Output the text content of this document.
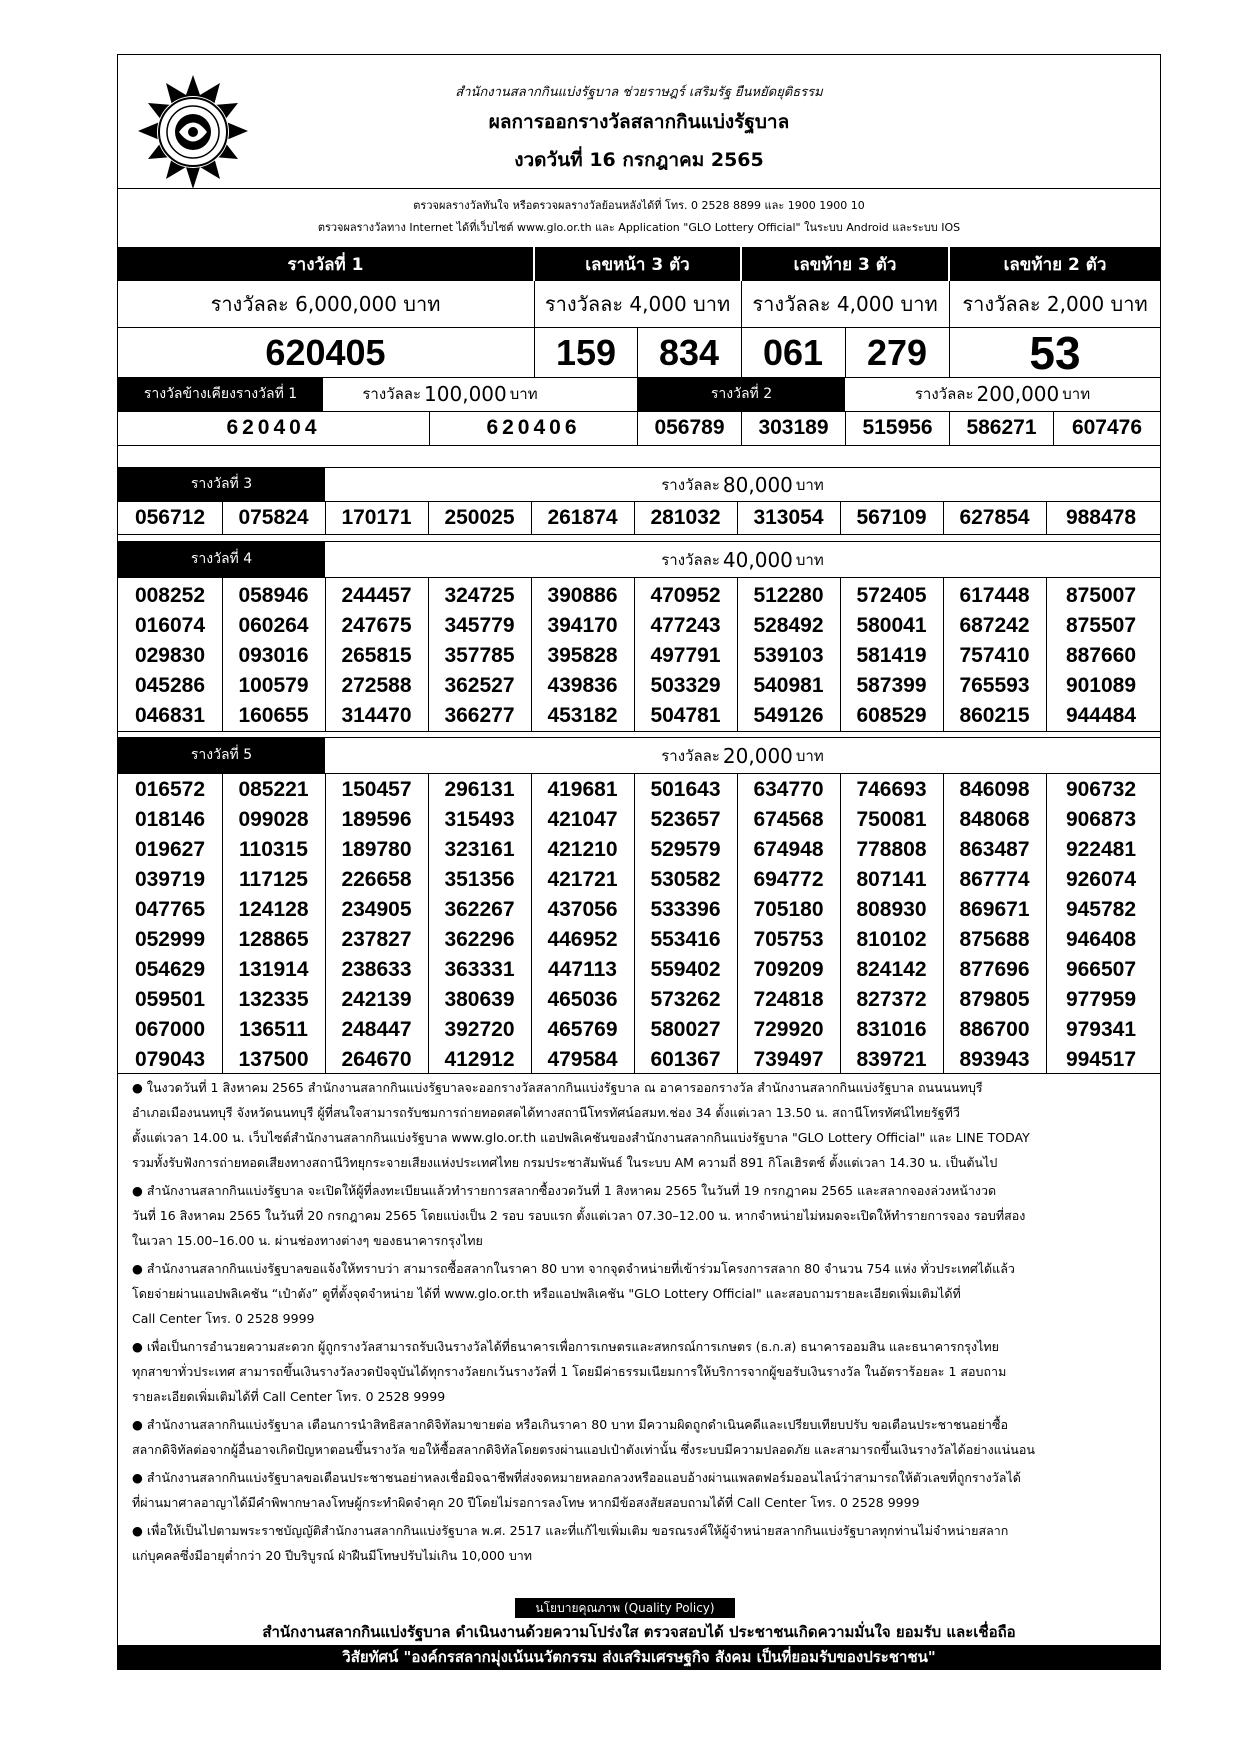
สำนักงานสลากกินแบ่งรัฐบาล ช่วยราษฎร์ เสริมรัฐ ยืนหยัดยุติธรรม
ผลการออกรางวัลสลากกินแบ่งรัฐบาล
งวดวันที่ 16 กรกฎาคม 2565
ตรวจผลรางวัลทันใจ หรือตรวจผลรางวัลย้อนหลังได้ที่ โทร. 0 2528 8899 และ 1900 1900 10
ตรวจผลรางวัลทาง Internet ได้ที่เว็บไซต์ www.glo.or.th และ Application "GLO Lottery Official" ในระบบ Android และระบบ IOS
รางวัลที่ 1	เลขหน้า 3 ตัว	เลขท้าย 3 ตัว	เลขท้าย 2 ตัว
รางวัลละ 6,000,000 บาท	รางวัลละ 4,000 บาท	รางวัลละ 4,000 บาท	รางวัลละ 2,000 บาท
620405	159	834	061	279	53
รางวัลข้างเคียงรางวัลที่ 1	รางวัลละ 100,000 บาท	รางวัลที่ 2	รางวัลละ 200,000 บาท
620404	620406	056789	303189	515956	586271	607476
รางวัลที่ 3	รางวัลละ 80,000 บาท
056712	075824	170171	250025	261874	281032	313054	567109	627854	988478
รางวัลที่ 4	รางวัลละ 40,000 บาท
008252	058946	244457	324725	390886	470952	512280	572405	617448	875007
016074	060264	247675	345779	394170	477243	528492	580041	687242	875507
029830	093016	265815	357785	395828	497791	539103	581419	757410	887660
045286	100579	272588	362527	439836	503329	540981	587399	765593	901089
046831	160655	314470	366277	453182	504781	549126	608529	860215	944484
รางวัลที่ 5	รางวัลละ 20,000 บาท
016572	085221	150457	296131	419681	501643	634770	746693	846098	906732
018146	099028	189596	315493	421047	523657	674568	750081	848068	906873
019627	110315	189780	323161	421210	529579	674948	778808	863487	922481
039719	117125	226658	351356	421721	530582	694772	807141	867774	926074
047765	124128	234905	362267	437056	533396	705180	808930	869671	945782
052999	128865	237827	362296	446952	553416	705753	810102	875688	946408
054629	131914	238633	363331	447113	559402	709209	824142	877696	966507
059501	132335	242139	380639	465036	573262	724818	827372	879805	977959
067000	136511	248447	392720	465769	580027	729920	831016	886700	979341
079043	137500	264670	412912	479584	601367	739497	839721	893943	994517
● ในงวดวันที่ 1 สิงหาคม 2565 สำนักงานสลากกินแบ่งรัฐบาลจะออกรางวัลสลากกินแบ่งรัฐบาล ณ อาคารออกรางวัล สำนักงานสลากกินแบ่งรัฐบาล ถนนนนทบุรี
อำเภอเมืองนนทบุรี จังหวัดนนทบุรี ผู้ที่สนใจสามารถรับชมการถ่ายทอดสดได้ทางสถานีโทรทัศน์อสมท.ช่อง 34 ตั้งแต่เวลา 13.50 น. สถานีโทรทัศน์ไทยรัฐทีวี
ตั้งแต่เวลา 14.00 น. เว็บไซต์สำนักงานสลากกินแบ่งรัฐบาล www.glo.or.th แอปพลิเคชันของสำนักงานสลากกินแบ่งรัฐบาล "GLO Lottery Official" และ LINE TODAY
รวมทั้งรับฟังการถ่ายทอดเสียงทางสถานีวิทยุกระจายเสียงแห่งประเทศไทย กรมประชาสัมพันธ์ ในระบบ AM ความถี่ 891 กิโลเฮิรตซ์ ตั้งแต่เวลา 14.30 น. เป็นต้นไป
● สำนักงานสลากกินแบ่งรัฐบาล จะเปิดให้ผู้ที่ลงทะเบียนแล้วทำรายการสลากซื้องวดวันที่ 1 สิงหาคม 2565 ในวันที่ 19 กรกฎาคม 2565 และสลากจองล่วงหน้างวด
วันที่ 16 สิงหาคม 2565 ในวันที่ 20 กรกฎาคม 2565 โดยแบ่งเป็น 2 รอบ รอบแรก ตั้งแต่เวลา 07.30–12.00 น. หากจำหน่ายไม่หมดจะเปิดให้ทำรายการจอง รอบที่สอง
ในเวลา 15.00–16.00 น. ผ่านช่องทางต่างๆ ของธนาคารกรุงไทย
● สำนักงานสลากกินแบ่งรัฐบาลขอแจ้งให้ทราบว่า สามารถซื้อสลากในราคา 80 บาท จากจุดจำหน่ายที่เข้าร่วมโครงการสลาก 80 จำนวน 754 แห่ง ทั่วประเทศได้แล้ว
โดยจ่ายผ่านแอปพลิเคชัน “เป๋าตัง” ดูที่ตั้งจุดจำหน่าย ได้ที่ www.glo.or.th หรือแอปพลิเคชัน "GLO Lottery Official" และสอบถามรายละเอียดเพิ่มเติมได้ที่
Call Center โทร. 0 2528 9999
● เพื่อเป็นการอำนวยความสะดวก ผู้ถูกรางวัลสามารถรับเงินรางวัลได้ที่ธนาคารเพื่อการเกษตรและสหกรณ์การเกษตร (ธ.ก.ส) ธนาคารออมสิน และธนาคารกรุงไทย
ทุกสาขาทั่วประเทศ สามารถขึ้นเงินรางวัลงวดปัจจุบันได้ทุกรางวัลยกเว้นรางวัลที่ 1 โดยมีค่าธรรมเนียมการให้บริการจากผู้ขอรับเงินรางวัล ในอัตราร้อยละ 1 สอบถาม
รายละเอียดเพิ่มเติมได้ที่ Call Center โทร. 0 2528 9999
● สำนักงานสลากกินแบ่งรัฐบาล เตือนการนำสิทธิสลากดิจิทัลมาขายต่อ หรือเกินราคา 80 บาท มีความผิดถูกดำเนินคดีและเปรียบเทียบปรับ ขอเตือนประชาชนอย่าซื้อ
สลากดิจิทัลต่อจากผู้อื่นอาจเกิดปัญหาตอนขึ้นรางวัล ขอให้ซื้อสลากดิจิทัลโดยตรงผ่านแอปเป๋าตังเท่านั้น ซึ่งระบบมีความปลอดภัย และสามารถขึ้นเงินรางวัลได้อย่างแน่นอน
● สำนักงานสลากกินแบ่งรัฐบาลขอเตือนประชาชนอย่าหลงเชื่อมิจฉาชีพที่ส่งจดหมายหลอกลวงหรืออแอบอ้างผ่านแพลตฟอร์มออนไลน์ว่าสามารถให้ตัวเลขที่ถูกรางวัลได้
ที่ผ่านมาศาลอาญาได้มีคำพิพากษาลงโทษผู้กระทำผิดจำคุก 20 ปีโดยไม่รอการลงโทษ หากมีข้อสงสัยสอบถามได้ที่ Call Center โทร. 0 2528 9999
● เพื่อให้เป็นไปตามพระราชบัญญัติสำนักงานสลากกินแบ่งรัฐบาล พ.ศ. 2517 และที่แก้ไขเพิ่มเติม ขอรณรงค์ให้ผู้จำหน่ายสลากกินแบ่งรัฐบาลทุกท่านไม่จำหน่ายสลาก
แก่บุคคลซึ่งมีอายุต่ำกว่า 20 ปีบริบูรณ์ ฝ่าฝืนมีโทษปรับไม่เกิน 10,000 บาท
นโยบายคุณภาพ (Quality Policy)
สำนักงานสลากกินแบ่งรัฐบาล ดำเนินงานด้วยความโปร่งใส ตรวจสอบได้ ประชาชนเกิดความมั่นใจ ยอมรับ และเชื่อถือ
วิสัยทัศน์ "องค์กรสลากมุ่งเน้นนวัตกรรม ส่งเสริมเศรษฐกิจ สังคม เป็นที่ยอมรับของประชาชน"
